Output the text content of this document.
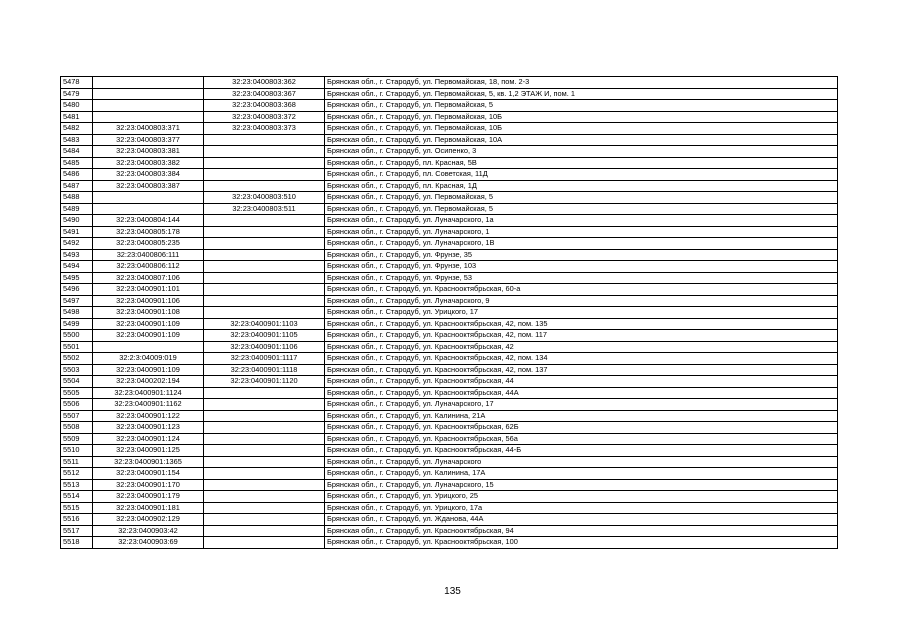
5478		32:23:0400803:362	Брянская обл., г. Стародуб, ул. Первомайская, 18, пом. 2-3
5479		32:23:0400803:367	Брянская обл., г. Стародуб, ул. Первомайская, 5, кв. 1,2 ЭТАЖ И, пом. 1
5480		32:23:0400803:368	Брянская обл., г. Стародуб, ул. Первомайская, 5
5481		32:23:0400803:372	Брянская обл., г. Стародуб, ул. Первомайская, 10Б
5482	32:23:0400803:371	32:23:0400803:373	Брянская обл., г. Стародуб, ул. Первомайская, 10Б
5483	32:23:0400803:377		Брянская обл., г. Стародуб, ул. Первомайская, 10А
5484	32:23:0400803:381		Брянская обл., г. Стародуб, ул. Осипенко, 3
5485	32:23:0400803:382		Брянская обл., г. Стародуб, пл. Красная, 5В
5486	32:23:0400803:384		Брянская обл., г. Стародуб, пл. Советская, 11Д
5487	32:23:0400803:387		Брянская обл., г. Стародуб, пл. Красная, 1Д
5488		32:23:0400803:510	Брянская обл., г. Стародуб, ул. Первомайская, 5
5489		32:23:0400803:511	Брянская обл., г. Стародуб, ул. Первомайская, 5
5490	32:23:0400804:144		Брянская обл., г. Стародуб, ул. Луначарского, 1а
5491	32:23:0400805:178		Брянская обл., г. Стародуб, ул. Луначарского, 1
5492	32:23:0400805:235		Брянская обл., г. Стародуб, ул. Луначарского, 1В
5493	32:23:0400806:111		Брянская обл., г. Стародуб, ул. Фрунзе, 35
5494	32:23:0400806:112		Брянская обл., г. Стародуб, ул. Фрунзе, 103
5495	32:23:0400807:106		Брянская обл., г. Стародуб, ул. Фрунзе, 53
5496	32:23:0400901:101		Брянская обл., г. Стародуб, ул. Краснооктябрьская, 60-а
5497	32:23:0400901:106		Брянская обл., г. Стародуб, ул. Луначарского, 9
5498	32:23:0400901:108		Брянская обл., г. Стародуб, ул. Урицкого, 17
5499	32:23:0400901:109	32:23:0400901:1103	Брянская обл., г. Стародуб, ул. Краснооктябрьская, 42, пом. 135
5500	32:23:0400901:109	32:23:0400901:1105	Брянская обл., г. Стародуб, ул. Краснооктябрьская, 42, пом. 117
5501		32:23:0400901:1106	Брянская обл., г. Стародуб, ул. Краснооктябрьская, 42
5502	32:2:3:04009:019	32:23:0400901:1117	Брянская обл., г. Стародуб, ул. Краснооктябрьская, 42, пом. 134
5503	32:23:0400901:109	32:23:0400901:1118	Брянская обл., г. Стародуб, ул. Краснооктябрьская, 42, пом. 137
5504	32:23:0400202:194	32:23:0400901:1120	Брянская обл., г. Стародуб, ул. Краснооктябрьская, 44
5505	32:23:0400901:1124		Брянская обл., г. Стародуб, ул. Краснооктябрьская, 44А
5506	32:23:0400901:1162		Брянская обл., г. Стародуб, ул. Луначарского, 17
5507	32:23:0400901:122		Брянская обл., г. Стародуб, ул. Калинина, 21А
5508	32:23:0400901:123		Брянская обл., г. Стародуб, ул. Краснооктябрьская, 62Б
5509	32:23:0400901:124		Брянская обл., г. Стародуб, ул. Краснооктябрьская, 56а
5510	32:23:0400901:125		Брянская обл., г. Стародуб, ул. Краснооктябрьская, 44-Б
5511	32:23:0400901:1365		Брянская обл., г. Стародуб, ул. Луначарского
5512	32:23:0400901:154		Брянская обл., г. Стародуб, ул. Калинина, 17А
5513	32:23:0400901:170		Брянская обл., г. Стародуб, ул. Луначарского, 15
5514	32:23:0400901:179		Брянская обл., г. Стародуб, ул. Урицкого, 25
5515	32:23:0400901:181		Брянская обл., г. Стародуб, ул. Урицкого, 17а
5516	32:23:0400902:129		Брянская обл., г. Стародуб, ул. Жданова, 44А
5517	32:23:0400903:42		Брянская обл., г. Стародуб, ул. Краснооктябрьская, 94
5518	32:23:0400903:69		Брянская обл., г. Стародуб, ул. Краснооктябрьская, 100
135
